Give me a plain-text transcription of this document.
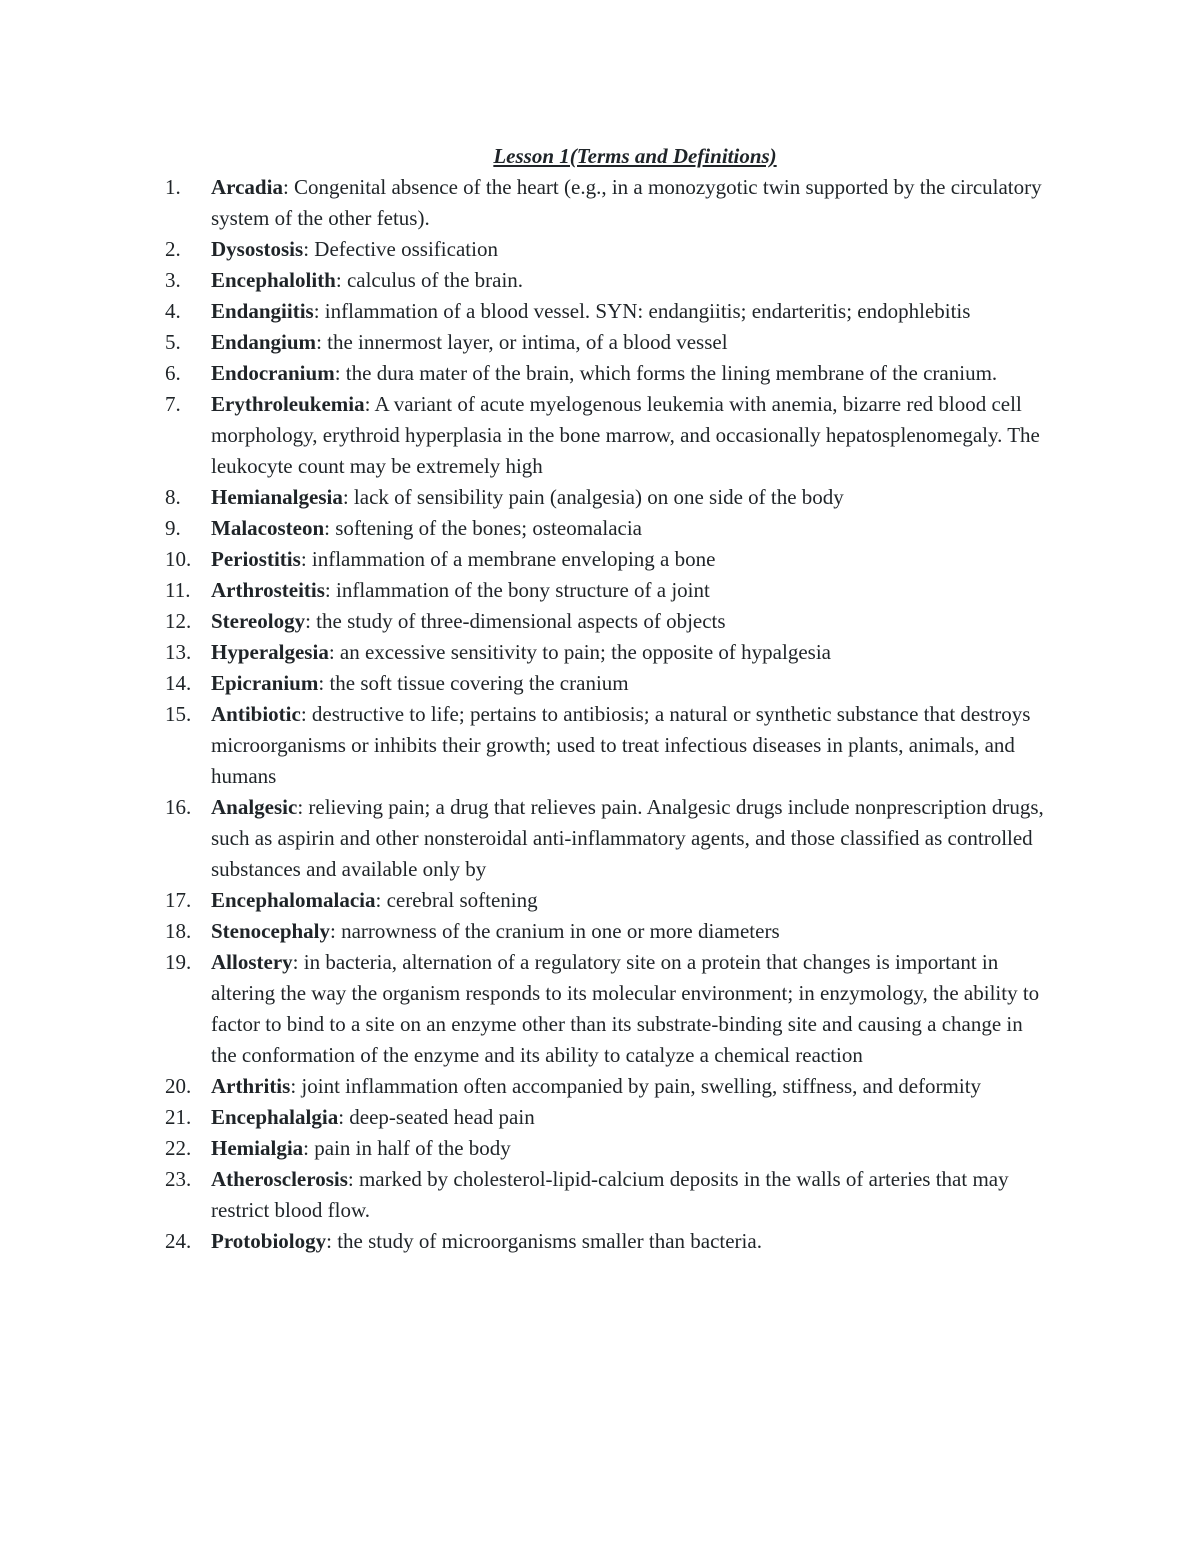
Lesson 1(Terms and Definitions)
1.	Arcadia: Congenital absence of the heart (e.g., in a monozygotic twin supported by the circulatory system of the other fetus).
2.	Dysostosis: Defective ossification
3.	Encephalolith: calculus of the brain.
4.	Endangiitis: inflammation of a blood vessel. SYN: endangiitis; endarteritis; endophlebitis
5.	Endangium: the innermost layer, or intima, of a blood vessel
6.	Endocranium: the dura mater of the brain, which forms the lining membrane of the cranium.
7.	Erythroleukemia: A variant of acute myelogenous leukemia with anemia, bizarre red blood cell morphology, erythroid hyperplasia in the bone marrow, and occasionally hepatosplenomegaly. The leukocyte count may be extremely high
8.	Hemianalgesia: lack of sensibility pain (analgesia) on one side of the body
9.	Malacosteon: softening of the bones; osteomalacia
10. Periostitis: inflammation of a membrane enveloping a bone
11. Arthrosteitis: inflammation of the bony structure of a joint
12. Stereology: the study of three-dimensional aspects of objects
13. Hyperalgesia: an excessive sensitivity to pain; the opposite of hypalgesia
14. Epicranium: the soft tissue covering the cranium
15. Antibiotic: destructive to life; pertains to antibiosis; a natural or synthetic substance that destroys microorganisms or inhibits their growth; used to treat infectious diseases in plants, animals, and humans
16. Analgesic: relieving pain; a drug that relieves pain. Analgesic drugs include nonprescription drugs, such as aspirin and other nonsteroidal anti-inflammatory agents, and those classified as controlled substances and available only by
17. Encephalomalacia: cerebral softening
18. Stenocephaly: narrowness of the cranium in one or more diameters
19. Allostery: in bacteria, alternation of a regulatory site on a protein that changes is important in altering the way the organism responds to its molecular environment; in enzymology, the ability to factor to bind to a site on an enzyme other than its substrate-binding site and causing a change in the conformation of the enzyme and its ability to catalyze a chemical reaction
20. Arthritis: joint inflammation often accompanied by pain, swelling, stiffness, and deformity
21. Encephalalgia: deep-seated head pain
22. Hemialgia: pain in half of the body
23. Atherosclerosis: marked by cholesterol-lipid-calcium deposits in the walls of arteries that may restrict blood flow.
24. Protobiology: the study of microorganisms smaller than bacteria.
